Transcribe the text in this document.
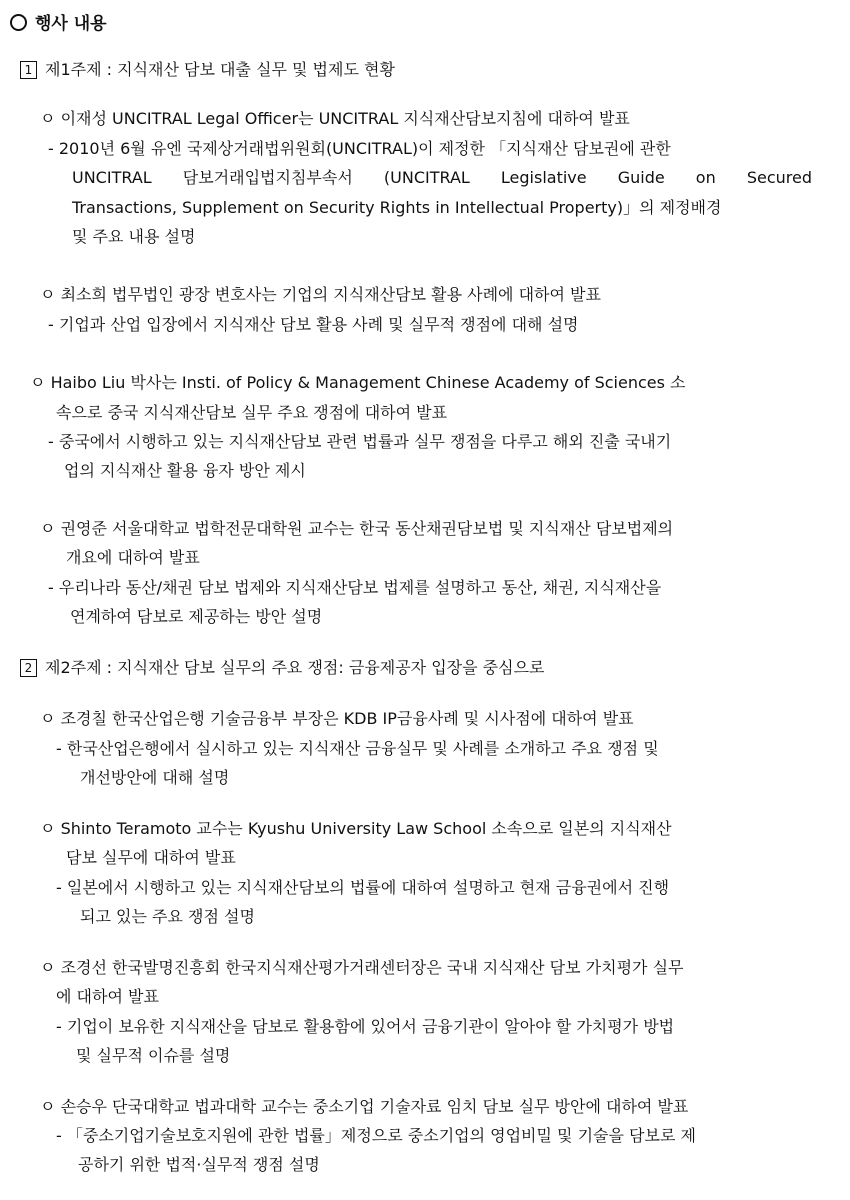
행사 내용
1 제1주제 : 지식재산 담보 대출 실무 및 법제도 현황
ㅇ 이재성 UNCITRAL Legal Officer는 UNCITRAL 지식재산담보지침에 대하여 발표
- 2010년 6월 유엔 국제상거래법위원회(UNCITRAL)이 제정한 「지식재산 담보권에 관한
UNCITRAL 담보거래입법지침부속서 (UNCITRAL Legislative Guide on Secured
Transactions, Supplement on Security Rights in Intellectual Property)」의 제정배경
및 주요 내용 설명
ㅇ 최소희 법무법인 광장 변호사는 기업의 지식재산담보 활용 사례에 대하여 발표
- 기업과 산업 입장에서 지식재산 담보 활용 사례 및 실무적 쟁점에 대해 설명
ㅇ Haibo Liu 박사는 Insti. of Policy & Management Chinese Academy of Sciences 소
속으로 중국 지식재산담보 실무 주요 쟁점에 대하여 발표
- 중국에서 시행하고 있는 지식재산담보 관련 법률과 실무 쟁점을 다루고 해외 진출 국내기
업의 지식재산 활용 융자 방안 제시
ㅇ 권영준 서울대학교 법학전문대학원 교수는 한국 동산채권담보법 및 지식재산 담보법제의
개요에 대하여 발표
- 우리나라 동산/채권 담보 법제와 지식재산담보 법제를 설명하고 동산, 채권, 지식재산을
연계하여 담보로 제공하는 방안 설명
2 제2주제 : 지식재산 담보 실무의 주요 쟁점: 금융제공자 입장을 중심으로
ㅇ 조경칠 한국산업은행 기술금융부 부장은 KDB IP금융사례 및 시사점에 대하여 발표
- 한국산업은행에서 실시하고 있는 지식재산 금융실무 및 사례를 소개하고 주요 쟁점 및
개선방안에 대해 설명
ㅇ Shinto Teramoto 교수는 Kyushu University Law School 소속으로 일본의 지식재산
담보 실무에 대하여 발표
- 일본에서 시행하고 있는 지식재산담보의 법률에 대하여 설명하고 현재 금융권에서 진행
되고 있는 주요 쟁점 설명
ㅇ 조경선 한국발명진흥회 한국지식재산평가거래센터장은 국내 지식재산 담보 가치평가 실무
에 대하여 발표
- 기업이 보유한 지식재산을 담보로 활용함에 있어서 금융기관이 알아야 할 가치평가 방법
및 실무적 이슈를 설명
ㅇ 손승우 단국대학교 법과대학 교수는 중소기업 기술자료 임치 담보 실무 방안에 대하여 발표
- 「중소기업기술보호지원에 관한 법률」제정으로 중소기업의 영업비밀 및 기술을 담보로 제
공하기 위한 법적·실무적 쟁점 설명
